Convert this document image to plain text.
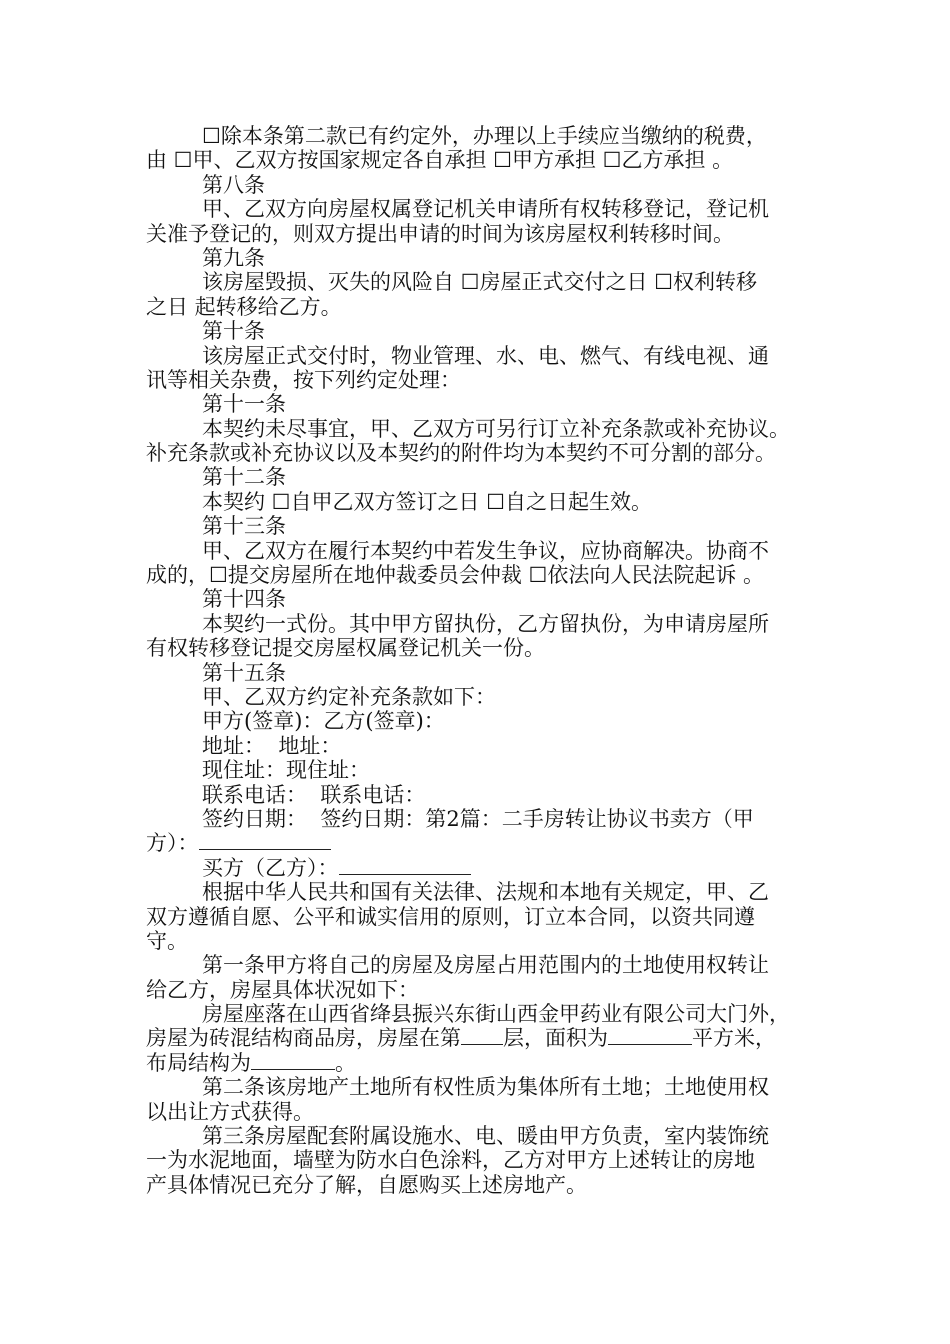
☐除本条第二款已有约定外，办理以上手续应当缴纳的税费，
由 ☐甲、乙双方按国家规定各自承担 ☐甲方承担 ☐乙方承担 。
第八条
甲、乙双方向房屋权属登记机关申请所有权转移登记，登记机
关准予登记的，则双方提出申请的时间为该房屋权利转移时间。
第九条
该房屋毁损、灭失的风险自 ☐房屋正式交付之日 ☐权利转移
之日 起转移给乙方。
第十条
该房屋正式交付时，物业管理、水、电、燃气、有线电视、通
讯等相关杂费，按下列约定处理：
第十一条
本契约未尽事宜，甲、乙双方可另行订立补充条款或补充协议。
补充条款或补充协议以及本契约的附件均为本契约不可分割的部分。
第十二条
本契约 ☐自甲乙双方签订之日 ☐自之日起生效。
第十三条
甲、乙双方在履行本契约中若发生争议，应协商解决。协商不
成的，☐提交房屋所在地仲裁委员会仲裁 ☐依法向人民法院起诉 。
第十四条
本契约一式份。其中甲方留执份，乙方留执份，为申请房屋所
有权转移登记提交房屋权属登记机关一份。
第十五条
甲、乙双方约定补充条款如下：
甲方(签章)：乙方(签章)：
地址：  地址：
现住址：现住址：
联系电话：  联系电话：
签约日期：  签约日期：第2篇：二手房转让协议书卖方（甲
方）：
买方（乙方）：
根据中华人民共和国有关法律、法规和本地有关规定，甲、乙
双方遵循自愿、公平和诚实信用的原则，订立本合同，以资共同遵
守。
第一条甲方将自己的房屋及房屋占用范围内的土地使用权转让
给乙方，房屋具体状况如下：
房屋座落在山西省绛县振兴东街山西金甲药业有限公司大门外，
房屋为砖混结构商品房，房屋在第 层，面积为	平方米，
布局结构为	。
第二条该房地产土地所有权性质为集体所有土地；土地使用权
以出让方式获得。
第三条房屋配套附属设施水、电、暖由甲方负责，室内装饰统
一为水泥地面，墙壁为防水白色涂料，乙方对甲方上述转让的房地
产具体情况已充分了解，自愿购买上述房地产。
